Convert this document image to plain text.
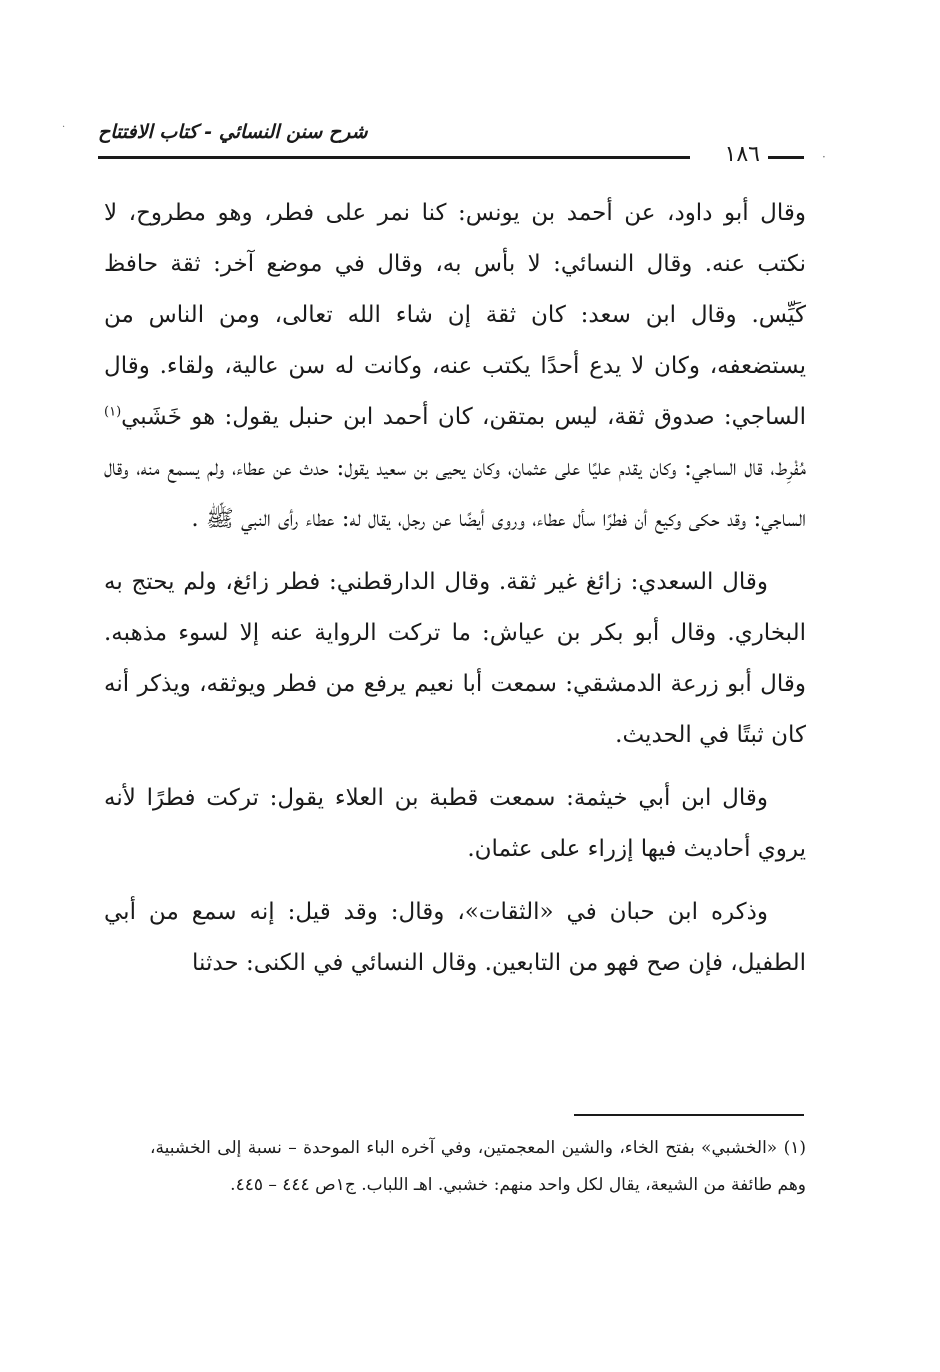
·
·
شرح سنن النسائي - كتاب الافتتاح
١٨٦

وقال أبو داود، عن أحمد بن يونس: كنا نمر على فطر، وهو مطروح، لا نكتب عنه. وقال النسائي: لا بأس به، وقال في موضع آخر: ثقة حافظ كَيِّس. وقال ابن سعد: كان ثقة إن شاء الله تعالى، ومن الناس من يستضعفه، وكان لا يدع أحدًا يكتب عنه، وكانت له سن عالية، ولقاء. وقال الساجي: صدوق ثقة، ليس بمتقن، كان أحمد ابن حنبل يقول: هو خَشَبي$^{(١)}$ مُفْرِط، قال الساجي: وكان يقدم عليًا على عثمان، وكان يحيى بن سعيد يقول: حدث عن عطاء، ولم يسمع منه، وقال الساجي: وقد حكى وكيع أن فطرًا سأل عطاء، وروى أيضًا عن رجل، يقال له: عطاء رأى النبي ﷺ .

وقال السعدي: زائغ غير ثقة. وقال الدارقطني: فطر زائغ، ولم يحتج به البخاري. وقال أبو بكر بن عياش: ما تركت الرواية عنه إلا لسوء مذهبه. وقال أبو زرعة الدمشقي: سمعت أبا نعيم يرفع من فطر ويوثقه، ويذكر أنه كان ثبتًا في الحديث.

وقال ابن أبي خيثمة: سمعت قطبة بن العلاء يقول: تركت فطرًا لأنه يروي أحاديث فيها إزراء على عثمان.

وذكره ابن حبان في «الثقات»، وقال: وقد قيل: إنه سمع من أبي الطفيل، فإن صح فهو من التابعين. وقال النسائي في الكنى: حدثنا

(١) «الخشبي» بفتح الخاء، والشين المعجمتين، وفي آخره الباء الموحدة – نسبة إلى الخشبية، وهم طائفة من الشيعة، يقال لكل واحد منهم: خشبي. اهـ اللباب. ج١ص ٤٤٤ – ٤٤٥.
